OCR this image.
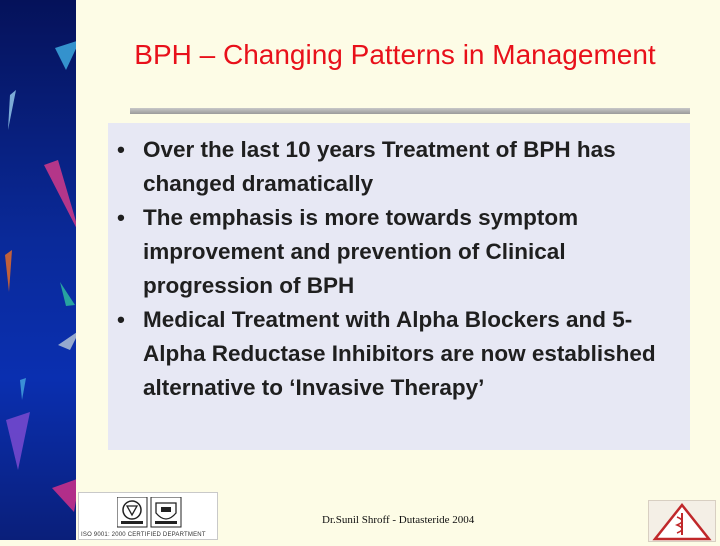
BPH – Changing Patterns in Management
• Over the last 10 years Treatment of BPH has changed dramatically
• The emphasis is more towards symptom improvement and prevention of Clinical progression of BPH
• Medical Treatment with Alpha Blockers and 5-Alpha Reductase Inhibitors are now established alternative to ‘Invasive Therapy’
ISO 9001: 2000 CERTIFIED DEPARTMENT
Dr.Sunil Shroff - Dutasteride 2004
